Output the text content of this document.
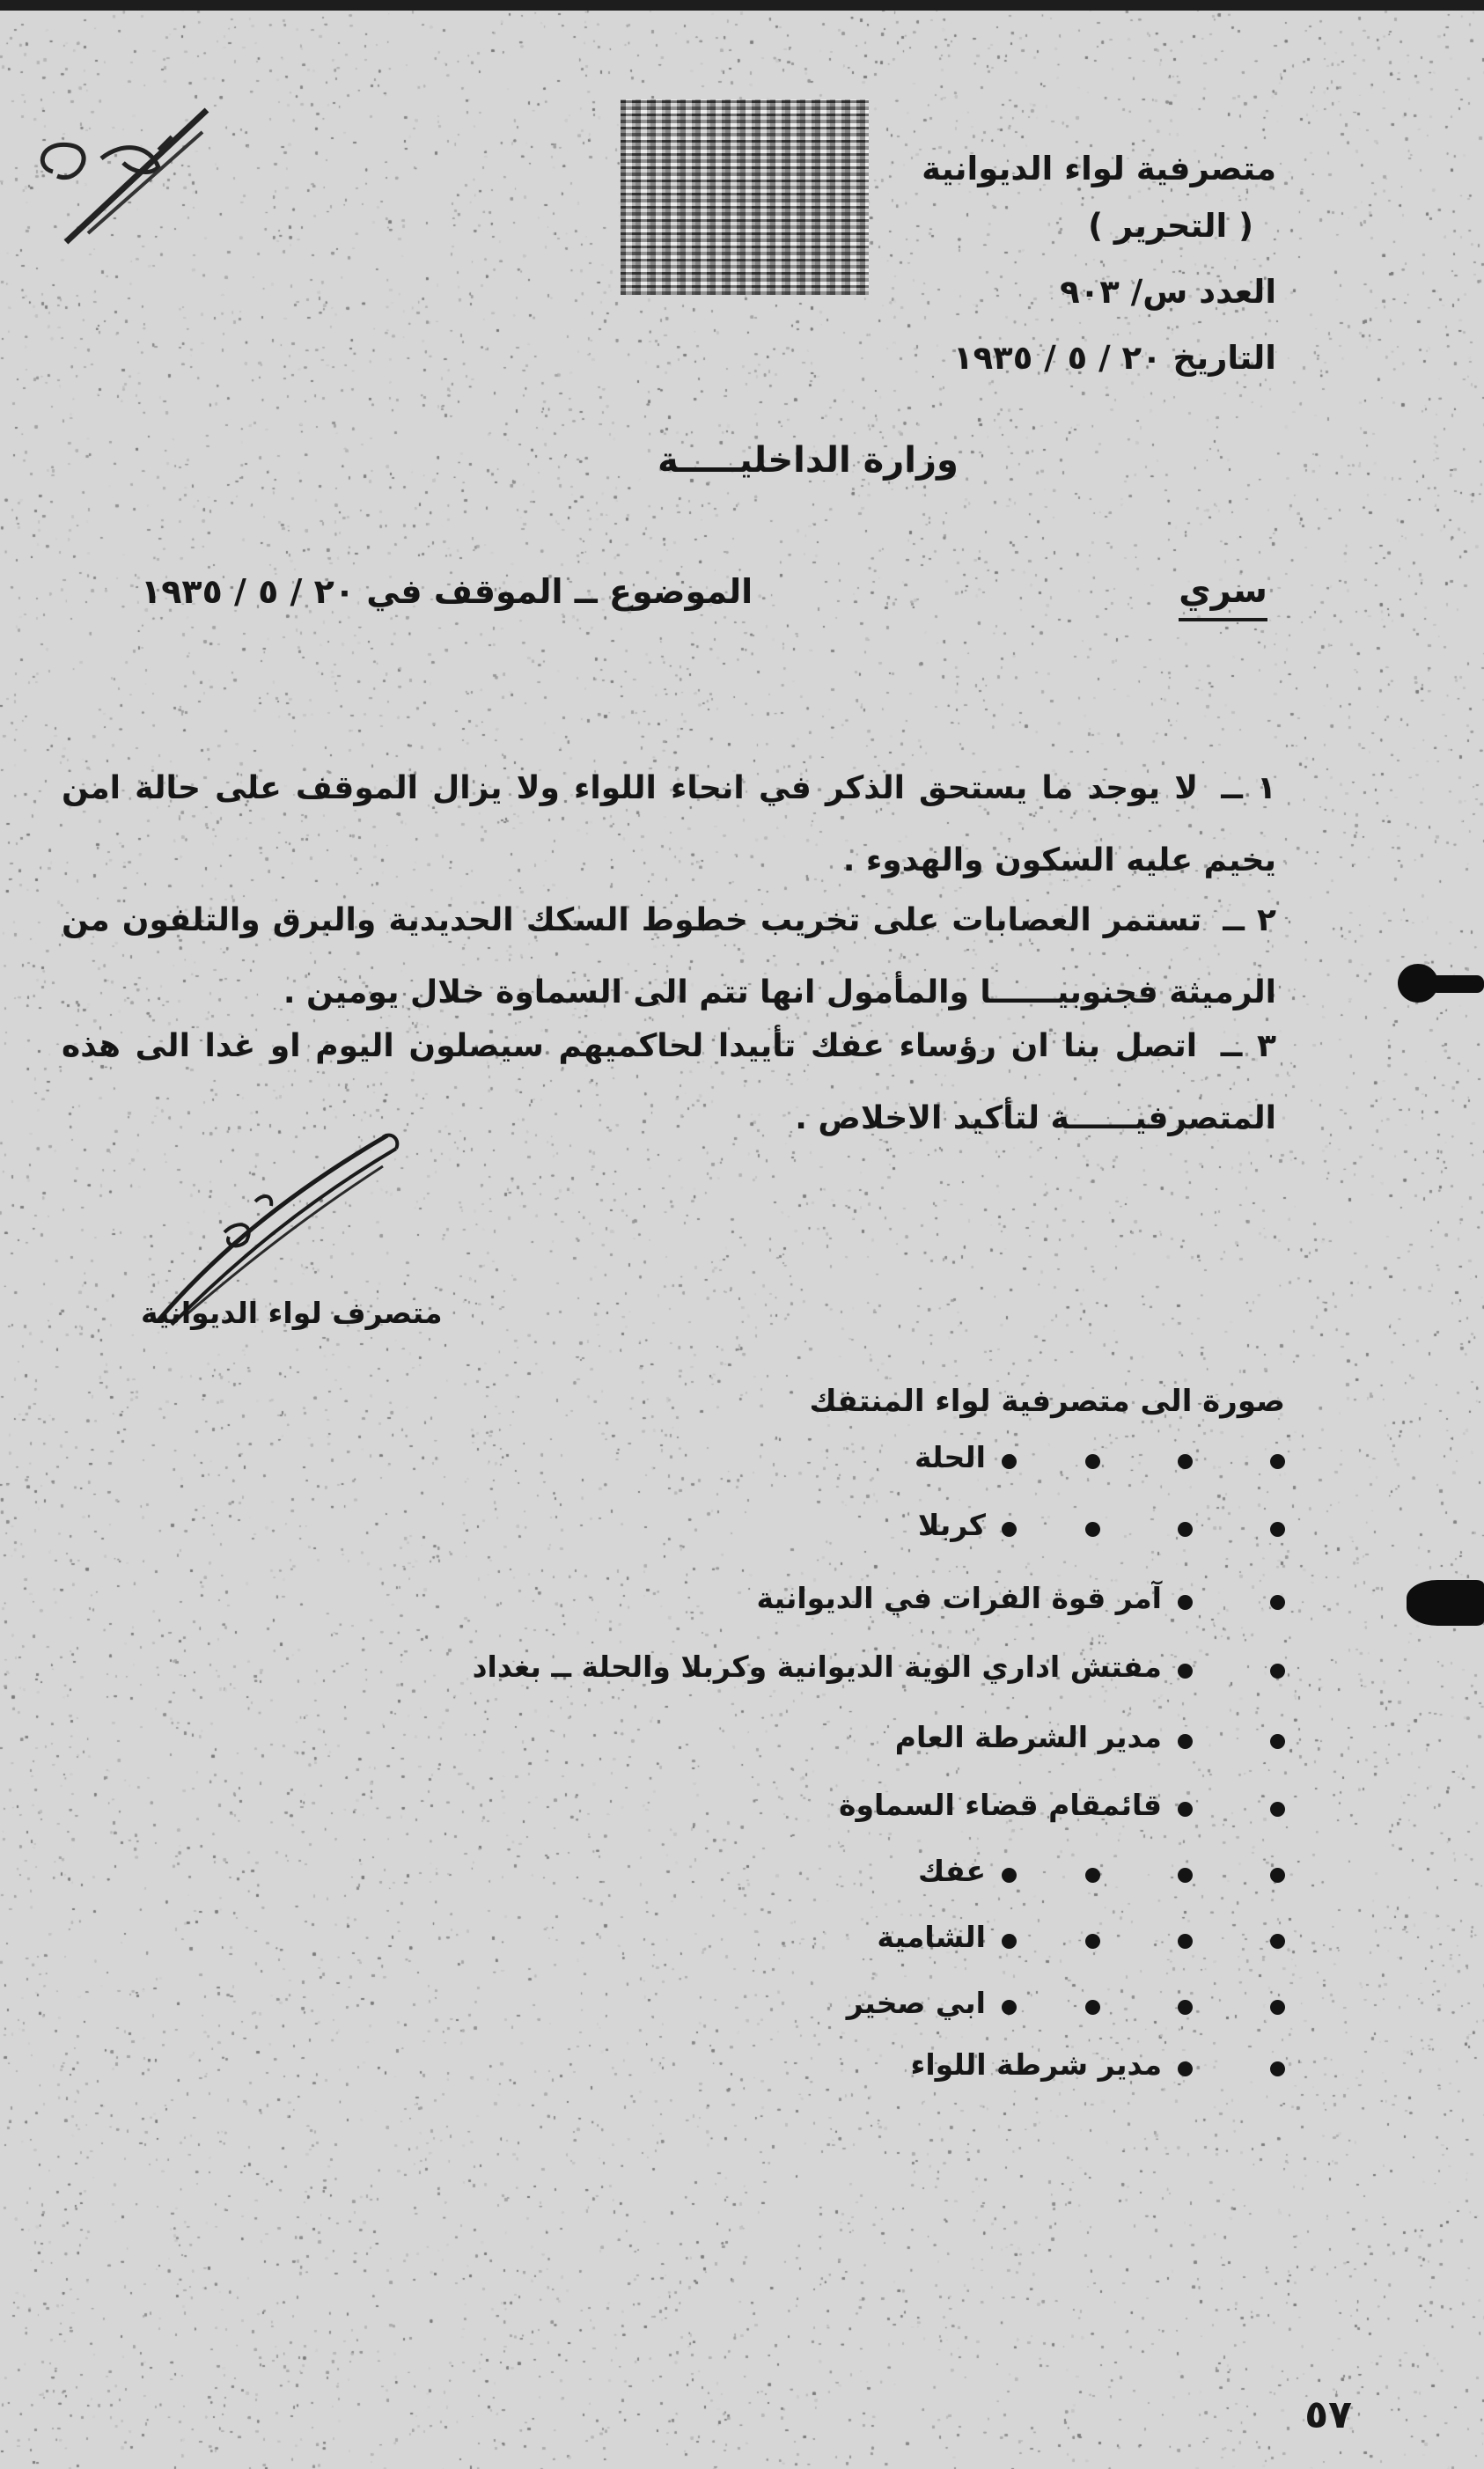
متصرفية لواء الديوانية
( التحرير )
العدد س/ ٩٠٣
التاريخ ٢٠ / ٥ / ١٩٣٥
وزارة الداخليـــــة
سري
الموضوع ــ الموقف في ٢٠ / ٥ / ١٩٣٥
١ ــ لا يوجد ما يستحق الذكر في انحاء اللواء ولا يزال الموقف على حالة امن يخيم عليه السكون والهدوء .
٢ ــ تستمر العصابات على تخريب خطوط السكك الحديدية والبرق والتلفون من الرميثة فجنوبيــــــا والمأمول انها تتم الى السماوة خلال يومين .
٣ ــ اتصل بنا ان رؤساء عفك تأييدا لحاكميهم سيصلون اليوم او غدا الى هذه المتصرفيــــــة لتأكيد الاخلاص .
متصرف لواء الديوانية
صورة الى متصرفية لواء المنتفك
الحلة
كربلا
آمر قوة الفرات في الديوانية
مفتش اداري الوية الديوانية وكربلا والحلة ــ بغداد
مدير الشرطة العام
قائمقام قضاء السماوة
عفك
الشامية
ابي صخير
مدير شرطة اللواء
٥٧
